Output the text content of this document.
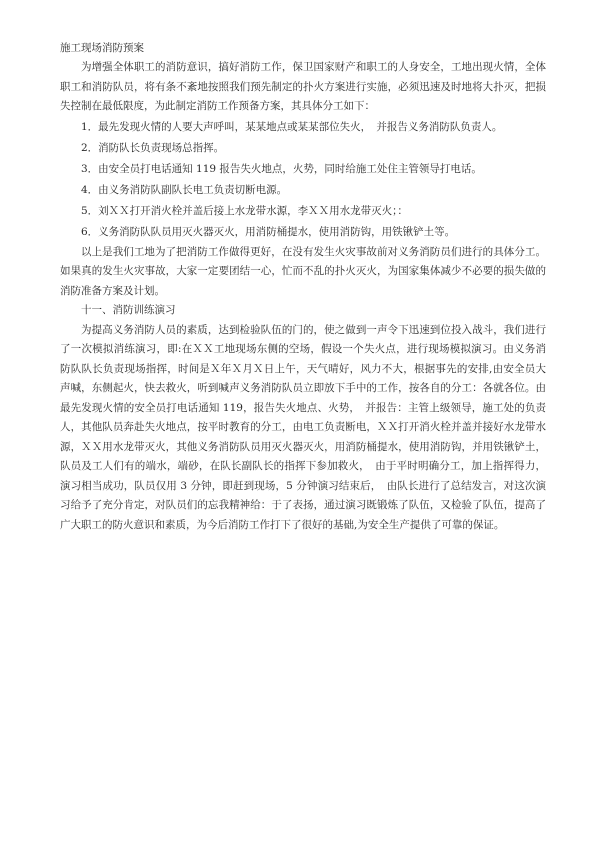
施工现场消防预案

为增强全体职工的消防意识，搞好消防工作，保卫国家财产和职工的人身安全，工地出现火情，全体职工和消防队员，将有条不紊地按照我们预先制定的扑火方案进行实施，必须迅速及时地将大扑灭，把损失控制在最低限度，为此制定消防工作预备方案，其具体分工如下：

1．最先发现火情的人要大声呼叫，某某地点或某某部位失火，　并报告义务消防队负责人。
2．消防队长负责现场总指挥。
3．由安全员打电话通知 119 报告失火地点，火势，同时给施工处住主管领导打电话。
4．由义务消防队副队长电工负责切断电源。
5．刘ＸＸ打开消火栓并盖后接上水龙带水源，李ＸＸ用水龙带灭火；：
6．义务消防队队员用灭火器灭火，用消防桶提水，使用消防钩，用铁锹铲土等。

以上是我们工地为了把消防工作做得更好，在没有发生火灾事故前对义务消防员们进行的具体分工。如果真的发生火灾事故，大家一定要团结一心，忙而不乱的扑火灭火，为国家集体减少不必要的损失做的消防准备方案及计划。

十一、消防训练演习

为提高义务消防人员的素质，达到检验队伍的门的，使之做到一声令下迅速到位投入战斗，我们进行了一次模拟消练演习，即:在ＸＸ工地现场东侧的空场，假设一个失火点，进行现场模拟演习。由义务消防队队长负责现场指挥，时间是Ｘ年Ｘ月Ｘ日上午，天气晴好，风力不大，根据事先的安排,由安全员大声喊，东侧起火，快去救火，听到喊声义务消防队员立即放下手中的工作，按各自的分工：各就各位。由最先发现火情的安全员打电话通知 119，报告失火地点、火势，　并报告：主管上级领导，施工处的负责人，其他队员奔赴失火地点，按平时教育的分工，由电工负责断电，ＸＸ打开消火栓并盖并接好水龙带水源，ＸＸ用水龙带灭火，其他义务消防队员用灭火器灭火，用消防桶提水，使用消防钩，并用铁锹铲土，队员及工人们有的端水，端砂，在队长副队长的指挥下参加救火，　由于平时明确分工，加上指挥得力，演习相当成功，队员仅用 3 分钟，即赶到现场，5 分钟演习结束后，　由队长进行了总结发言，对这次演习给予了充分肯定，对队员们的忘我精神给：于了表扬，通过演习既锻炼了队伍，又检验了队伍，提高了广大职工的防火意识和素质，为今后消防工作打下了很好的基础,为安全生产提供了可靠的保证。
